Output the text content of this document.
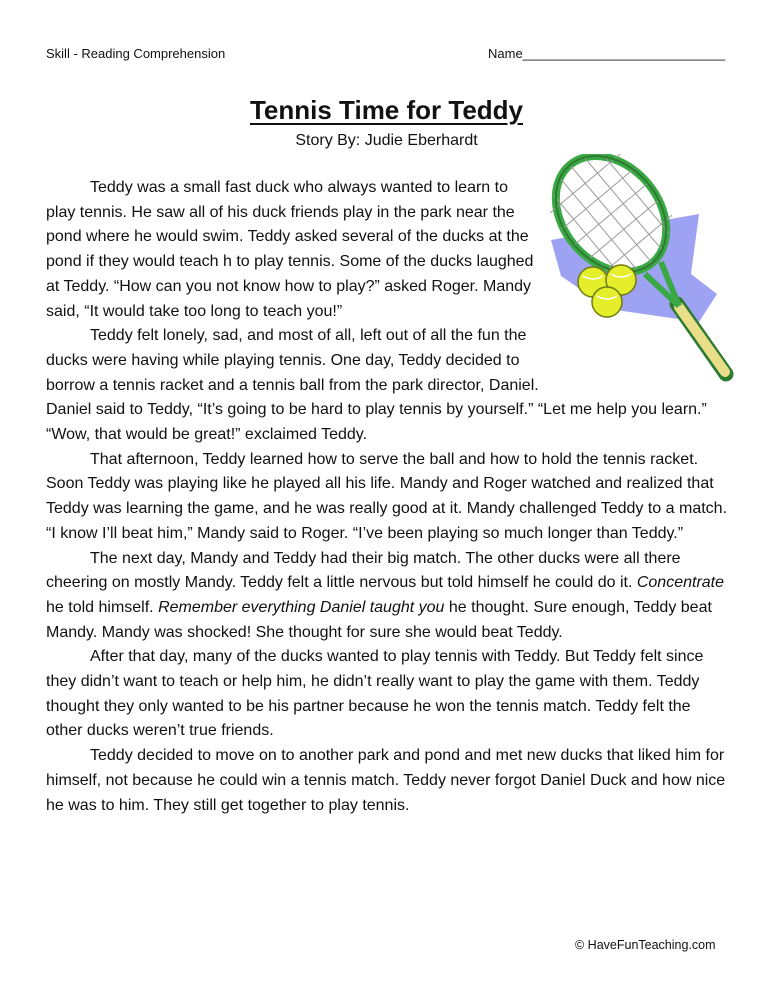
Skill - Reading Comprehension	Name____________________________
Tennis Time for Teddy
Story By: Judie Eberhardt

Teddy was a small fast duck who always wanted to learn to play tennis. He saw all of his duck friends play in the park near the pond where he would swim. Teddy asked several of the ducks at the pond if they would teach h to play tennis. Some of the ducks laughed at Teddy. “How can you not know how to play?” asked Roger. Mandy said, “It would take too long to teach you!”

Teddy felt lonely, sad, and most of all, left out of all the fun the ducks were having while playing tennis. One day, Teddy decided to borrow a tennis racket and a tennis ball from the park director, Daniel. Daniel said to Teddy, “It’s going to be hard to play tennis by yourself.” “Let me help you learn.” “Wow, that would be great!” exclaimed Teddy.

That afternoon, Teddy learned how to serve the ball and how to hold the tennis racket. Soon Teddy was playing like he played all his life. Mandy and Roger watched and realized that Teddy was learning the game, and he was really good at it. Mandy challenged Teddy to a match. “I know I’ll beat him,” Mandy said to Roger. “I’ve been playing so much longer than Teddy.”

The next day, Mandy and Teddy had their big match. The other ducks were all there cheering on mostly Mandy. Teddy felt a little nervous but told himself he could do it. Concentrate he told himself. Remember everything Daniel taught you he thought. Sure enough, Teddy beat Mandy. Mandy was shocked! She thought for sure she would beat Teddy.

After that day, many of the ducks wanted to play tennis with Teddy. But Teddy felt since they didn’t want to teach or help him, he didn’t really want to play the game with them. Teddy thought they only wanted to be his partner because he won the tennis match. Teddy felt the other ducks weren’t true friends.

Teddy decided to move on to another park and pond and met new ducks that liked him for himself, not because he could win a tennis match. Teddy never forgot Daniel Duck and how nice he was to him. They still get together to play tennis.

© HaveFunTeaching.com
